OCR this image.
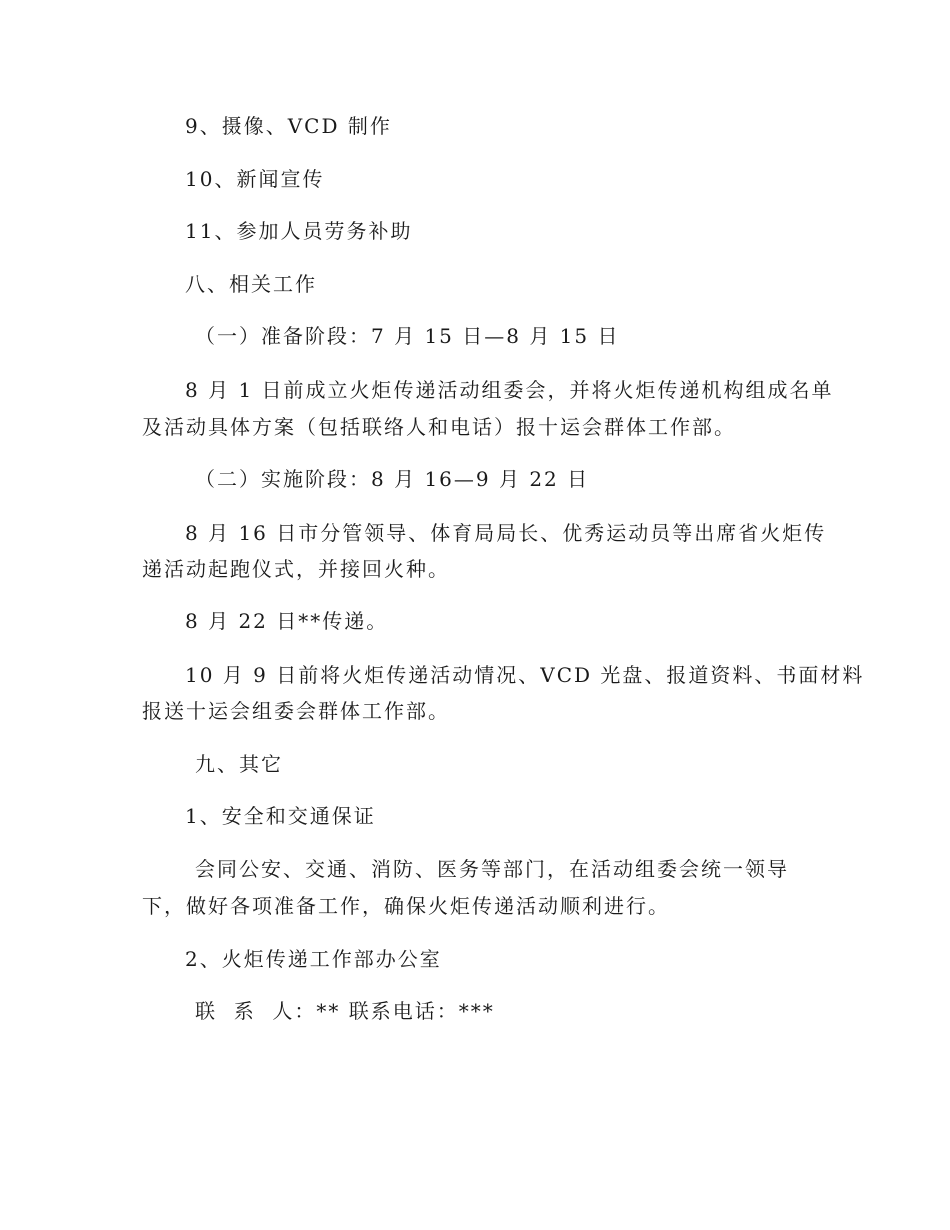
9、摄像、VCD 制作
10、新闻宣传
11、参加人员劳务补助
八、相关工作
（一）准备阶段：7 月 15 日—8 月 15 日
8 月 1 日前成立火炬传递活动组委会，并将火炬传递机构组成名单
及活动具体方案（包括联络人和电话）报十运会群体工作部。
（二）实施阶段：8 月 16—9 月 22 日
8 月 16 日市分管领导、体育局局长、优秀运动员等出席省火炬传
递活动起跑仪式，并接回火种。
8 月 22 日**传递。
10 月 9 日前将火炬传递活动情况、VCD 光盘、报道资料、书面材料
报送十运会组委会群体工作部。
九、其它
1、安全和交通保证
会同公安、交通、消防、医务等部门，在活动组委会统一领导
下，做好各项准备工作，确保火炬传递活动顺利进行。
2、火炬传递工作部办公室
联  系  人：** 联系电话：***
